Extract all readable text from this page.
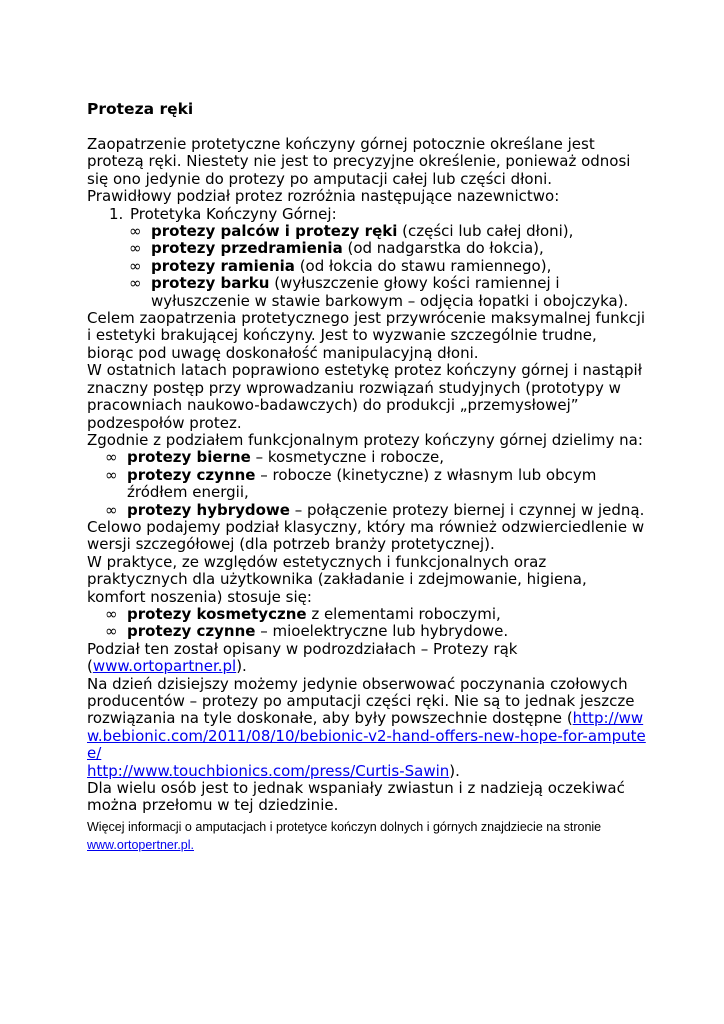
Proteza ręki

Zaopatrzenie protetyczne kończyny górnej potocznie określane jest protezą ręki. Niestety nie jest to precyzyjne określenie, ponieważ odnosi się ono jedynie do protezy po amputacji całej lub części dłoni.

Prawidłowy podział protez rozróżnia następujące nazewnictwo:

1. Protetyka Kończyny Górnej:
∞ protezy palców i protezy ręki (części lub całej dłoni),
∞ protezy przedramienia (od nadgarstka do łokcia),
∞ protezy ramienia (od łokcia do stawu ramiennego),
∞ protezy barku (wyłuszczenie głowy kości ramiennej i wyłuszczenie w stawie barkowym – odjęcia łopatki i obojczyka).

Celem zaopatrzenia protetycznego jest przywrócenie maksymalnej funkcji i estetyki brakującej kończyny. Jest to wyzwanie szczególnie trudne, biorąc pod uwagę doskonałość manipulacyjną dłoni.

W ostatnich latach poprawiono estetykę protez kończyny górnej i nastąpił znaczny postęp przy wprowadzaniu rozwiązań studyjnych (prototypy w pracowniach naukowo-badawczych) do produkcji „przemysłowej” podzespołów protez.

Zgodnie z podziałem funkcjonalnym protezy kończyny górnej dzielimy na:

∞ protezy bierne – kosmetyczne i robocze,
∞ protezy czynne – robocze (kinetyczne) z własnym lub obcym źródłem energii,
∞ protezy hybrydowe – połączenie protezy biernej i czynnej w jedną.

Celowo podajemy podział klasyczny, który ma również odzwierciedlenie w wersji szczegółowej (dla potrzeb branży protetycznej).

W praktyce, ze względów estetycznych i funkcjonalnych oraz praktycznych dla użytkownika (zakładanie i zdejmowanie, higiena, komfort noszenia) stosuje się:

∞ protezy kosmetyczne z elementami roboczymi,
∞ protezy czynne – mioelektryczne lub hybrydowe.

Podział ten został opisany w podrozdziałach – Protezy rąk (www.ortopartner.pl).

Na dzień dzisiejszy możemy jedynie obserwować poczynania czołowych producentów – protezy po amputacji części ręki. Nie są to jednak jeszcze rozwiązania na tyle doskonałe, aby były powszechnie dostępne (http://www.bebionic.com/2011/08/10/bebionic-v2-hand-offers-new-hope-for-amputee/
http://www.touchbionics.com/press/Curtis-Sawin).

Dla wielu osób jest to jednak wspaniały zwiastun i z nadzieją oczekiwać można przełomu w tej dziedzinie.

Więcej informacji o amputacjach i protetyce kończyn dolnych i górnych znajdziecie na stronie
www.ortopertner.pl.
